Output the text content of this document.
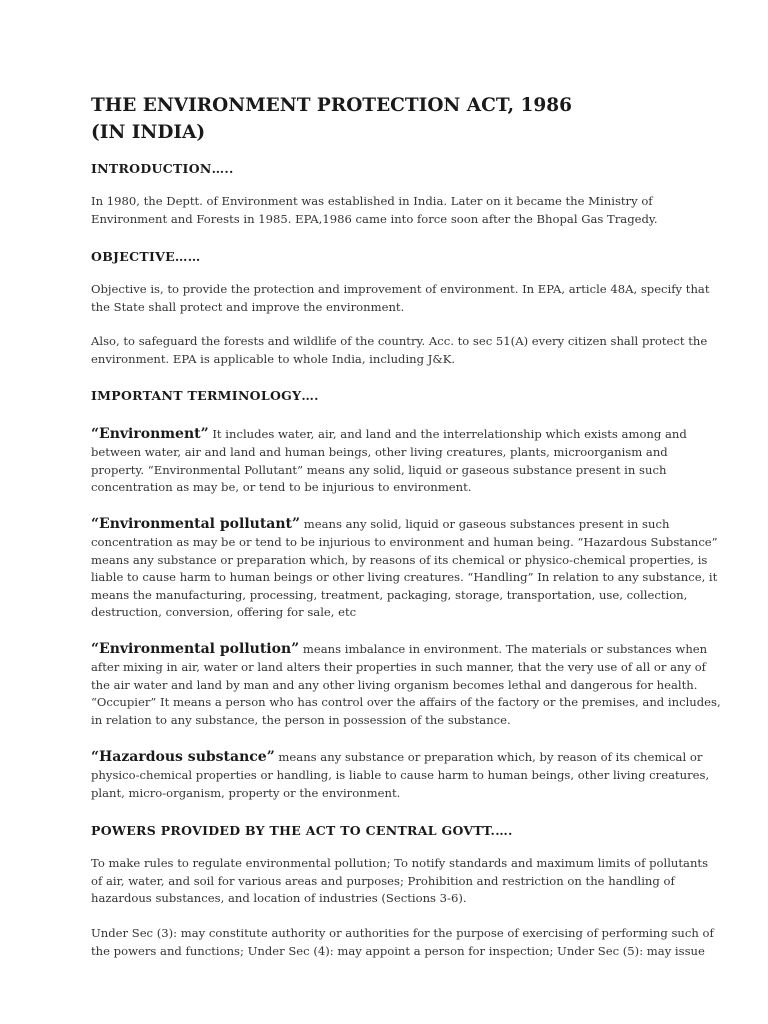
THE ENVIRONMENT PROTECTION ACT, 1986
(IN INDIA)
INTRODUCTION…..

In 1980, the Deptt. of Environment was established in India. Later on it became the Ministry of
Environment and Forests in 1985. EPA,1986 came into force soon after the Bhopal Gas Tragedy.

OBJECTIVE……

Objective is, to provide the protection and improvement of environment. In EPA, article 48A, specify that
the State shall protect and improve the environment.

Also, to safeguard the forests and wildlife of the country. Acc. to sec 51(A) every citizen shall protect the
environment. EPA is applicable to whole India, including J&K.

IMPORTANT TERMINOLOGY….

“Environment” It includes water, air, and land and the interrelationship which exists among and
between water, air and land and human beings, other living creatures, plants, microorganism and
property. “Environmental Pollutant” means any solid, liquid or gaseous substance present in such
concentration as may be, or tend to be injurious to environment.

“Environmental pollutant” means any solid, liquid or gaseous substances present in such
concentration as may be or tend to be injurious to environment and human being. “Hazardous Substance”
means any substance or preparation which, by reasons of its chemical or physico-chemical properties, is
liable to cause harm to human beings or other living creatures. “Handling” In relation to any substance, it
means the manufacturing, processing, treatment, packaging, storage, transportation, use, collection,
destruction, conversion, offering for sale, etc

“Environmental pollution” means imbalance in environment. The materials or substances when
after mixing in air, water or land alters their properties in such manner, that the very use of all or any of
the air water and land by man and any other living organism becomes lethal and dangerous for health.
“Occupier” It means a person who has control over the affairs of the factory or the premises, and includes,
in relation to any substance, the person in possession of the substance.

“Hazardous substance” means any substance or preparation which, by reason of its chemical or
physico-chemical properties or handling, is liable to cause harm to human beings, other living creatures,
plant, micro-organism, property or the environment.

POWERS PROVIDED BY THE ACT TO CENTRAL GOVTT.….

To make rules to regulate environmental pollution; To notify standards and maximum limits of pollutants
of air, water, and soil for various areas and purposes; Prohibition and restriction on the handling of
hazardous substances, and location of industries (Sections 3-6).

Under Sec (3): may constitute authority or authorities for the purpose of exercising of performing such of
the powers and functions; Under Sec (4): may appoint a person for inspection; Under Sec (5): may issue
